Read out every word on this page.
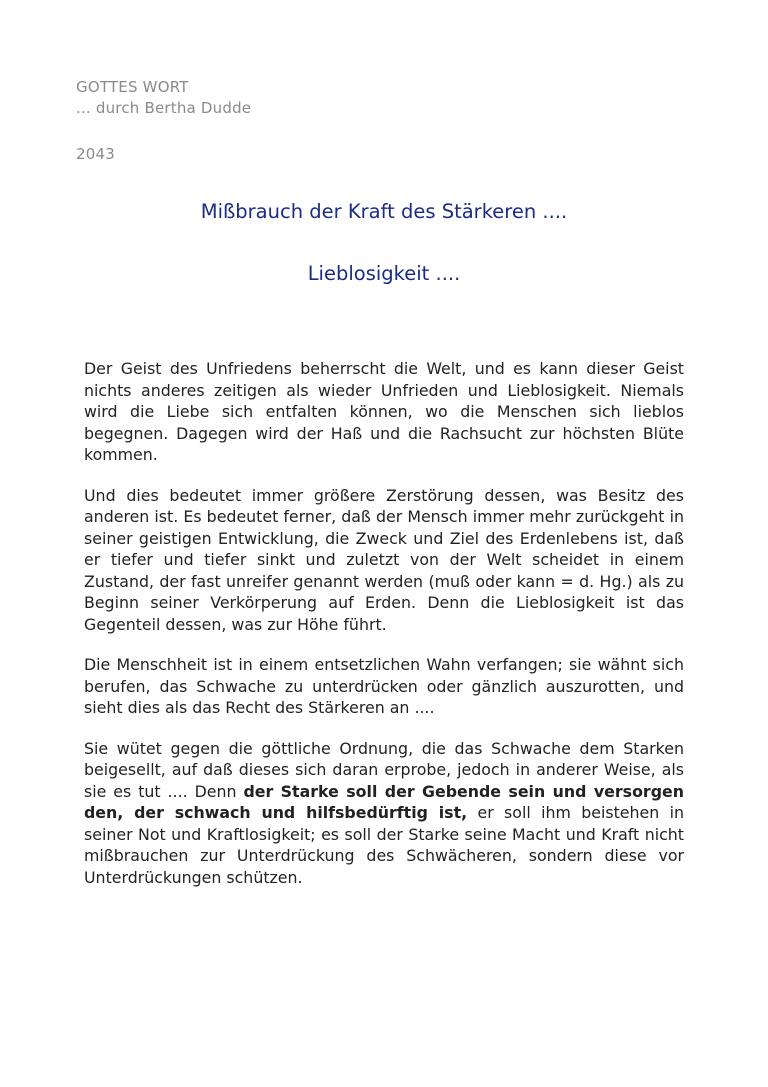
GOTTES WORT
... durch Bertha Dudde
2043
Mißbrauch der Kraft des Stärkeren ....
Lieblosigkeit ....

Der Geist des Unfriedens beherrscht die Welt, und es kann dieser Geist nichts anderes zeitigen als wieder Unfrieden und Lieblosigkeit. Niemals wird die Liebe sich entfalten können, wo die Menschen sich lieblos begegnen. Dagegen wird der Haß und die Rachsucht zur höchsten Blüte kommen.

Und dies bedeutet immer größere Zerstörung dessen, was Besitz des anderen ist. Es bedeutet ferner, daß der Mensch immer mehr zurückgeht in seiner geistigen Entwicklung, die Zweck und Ziel des Erdenlebens ist, daß er tiefer und tiefer sinkt und zuletzt von der Welt scheidet in einem Zustand, der fast unreifer genannt werden (muß oder kann = d. Hg.) als zu Beginn seiner Verkörperung auf Erden. Denn die Lieblosigkeit ist das Gegenteil dessen, was zur Höhe führt.

Die Menschheit ist in einem entsetzlichen Wahn verfangen; sie wähnt sich berufen, das Schwache zu unterdrücken oder gänzlich auszurotten, und sieht dies als das Recht des Stärkeren an ....

Sie wütet gegen die göttliche Ordnung, die das Schwache dem Starken beigesellt, auf daß dieses sich daran erprobe, jedoch in anderer Weise, als sie es tut .... Denn der Starke soll der Gebende sein und versorgen den, der schwach und hilfsbedürftig ist, er soll ihm beistehen in seiner Not und Kraftlosigkeit; es soll der Starke seine Macht und Kraft nicht mißbrauchen zur Unterdrückung des Schwächeren, sondern diese vor Unterdrückungen schützen.
